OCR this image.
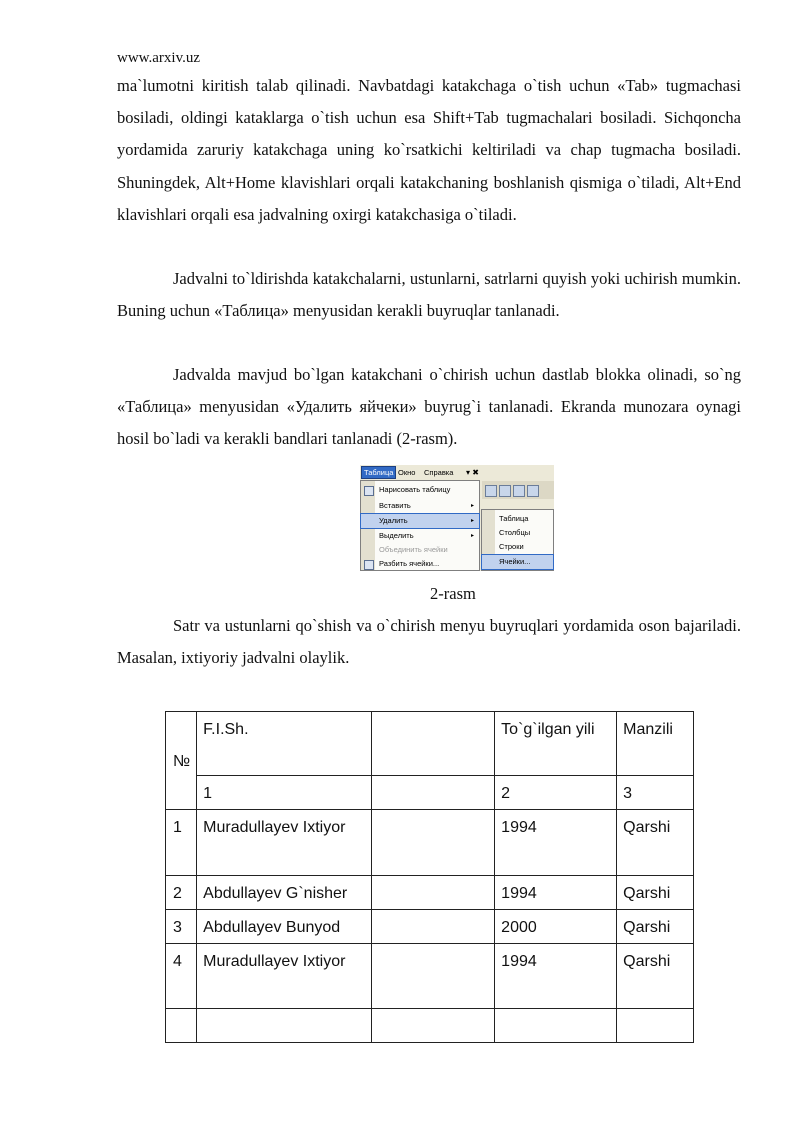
www.arxiv.uz

ma`lumotni kiritish talab qilinadi. Navbatdagi katakchaga o`tish uchun «Tab» tugmachasi bosiladi, oldingi kataklarga o`tish uchun esa Shift+Tab tugmachalari bosiladi. Sichqoncha yordamida zaruriy katakchaga uning ko`rsatkichi keltiriladi va chap tugmacha bosiladi. Shuningdek, Alt+Home klavishlari orqali katakchaning boshlanish qismiga o`tiladi, Alt+End klavishlari orqali esa jadvalning oxirgi katakchasiga o`tiladi.

Jadvalni to`ldirishda katakchalarni, ustunlarni, satrlarni quyish yoki uchirish mumkin. Buning uchun «Таблица» menyusidan kerakli buyruqlar tanlanadi.

Jadvalda mavjud bo`lgan katakchani o`chirish uchun dastlab blokka olinadi, so`ng «Таблица» menyusidan «Удалить яйчеки» buyrug`i tanlanadi. Ekranda munozara oynagi hosil bo`ladi va kerakli bandlari tanlanadi (2-rasm).

Таблица Окно Справка ▾ ✖
Нарисовать таблицу
Вставить	▸
Удалить	▸
Выделить	▸
Объединить ячейки
Разбить ячейки...
Таблица
Столбцы
Строки
Ячейки...
2-rasm

Satr va ustunlarni qo`shish va o`chirish menyu buyruqlari yordamida oson bajariladi. Masalan, ixtiyoriy jadvalni olaylik.

№	F.I.Sh.		To`g`ilgan yili	Manzili
	1		2	3
1	Muradullayev Ixtiyor		1994	Qarshi
2	Abdullayev G`nisher		1994	Qarshi
3	Abdullayev Bunyod		2000	Qarshi
4	Muradullayev Ixtiyor		1994	Qarshi
